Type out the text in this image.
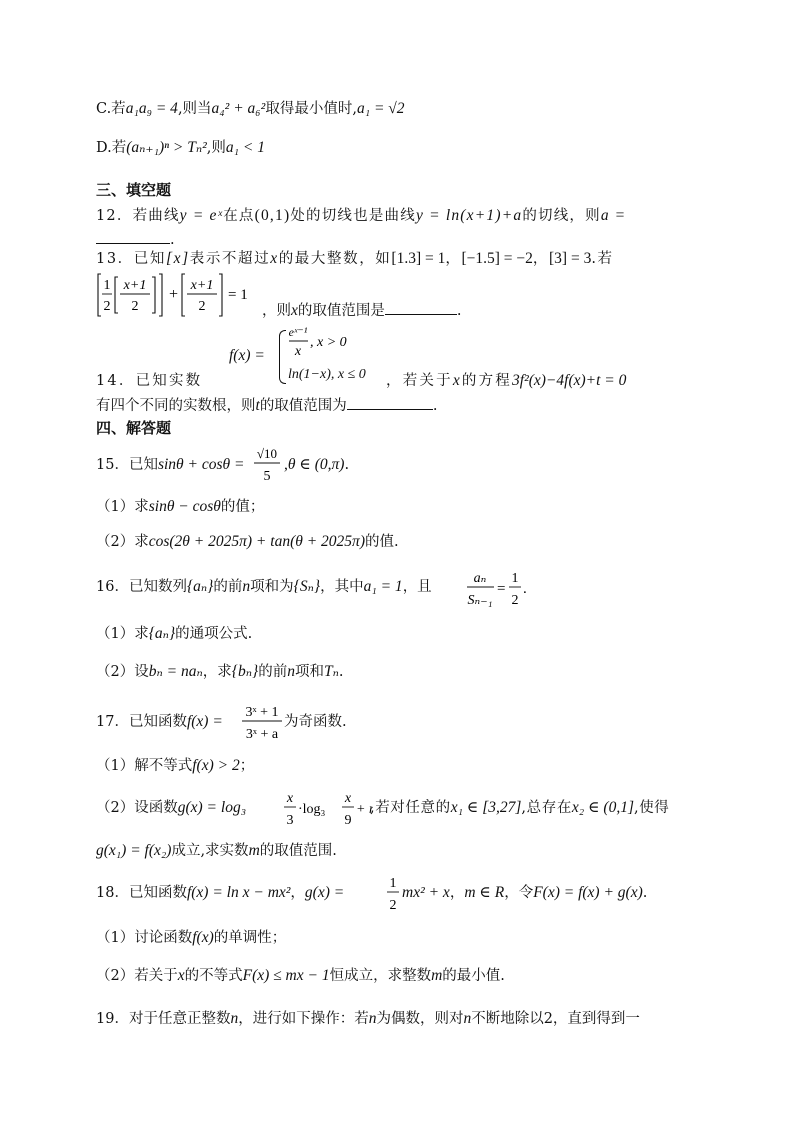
C.若a₁a₉ = 4,则当a₄² + a₆²取得最小值时,a₁ = √2
D.若(aₙ₊₁)ⁿ > Tₙ²,则a₁ < 1
三、填空题
12．若曲线y = eˣ在点(0,1)处的切线也是曲线y = ln(x+1)+a的切线，则a =
.
13．已知[x]表示不超过x的最大整数，如[1.3] = 1，[−1.5] = −2，[3] = 3.若
1
2
x+1
2
+
x+1
2
= 1
，则x的取值范围是	.
f(x) =
eˣ⁻¹
x
, x > 0
ln(1−x), x ≤ 0
14．已知实数	，若关于x的方程3f²(x)−4f(x)+t = 0
有四个不同的实数根，则t的取值范围为	.
四、解答题
15．已知sinθ + cosθ =
√10
5
,θ ∈ (0,π).
（1）求sinθ − cosθ的值；
（2）求cos(2θ + 2025π) + tan(θ + 2025π)的值.
16．已知数列{aₙ}的前n项和为{Sₙ}，其中a₁ = 1，且
aₙ
Sₙ₋₁
=
1
2
.
（1）求{aₙ}的通项公式.
（2）设bₙ = naₙ，求{bₙ}的前n项和Tₙ.
17．已知函数f(x) =
3ˣ + 1
3ˣ + a
为奇函数.
（1）解不等式f(x) > 2；
（2）设函数g(x) = log₃
x
3
·log₃
x
9
+ ,若对任意的x₁ ∈ [3,27],总存在x₂ ∈ (0,1],使得
g(x₁) = f(x₂)成立,求实数m的取值范围.
18．已知函数f(x) = ln x − mx²，g(x) =
1
2
mx² + x，m ∈ R，令F(x) = f(x) + g(x).
（1）讨论函数f(x)的单调性；
（2）若关于x的不等式F(x) ≤ mx − 1恒成立，求整数m的最小值.
19．对于任意正整数n，进行如下操作：若n为偶数，则对n不断地除以2，直到得到一
